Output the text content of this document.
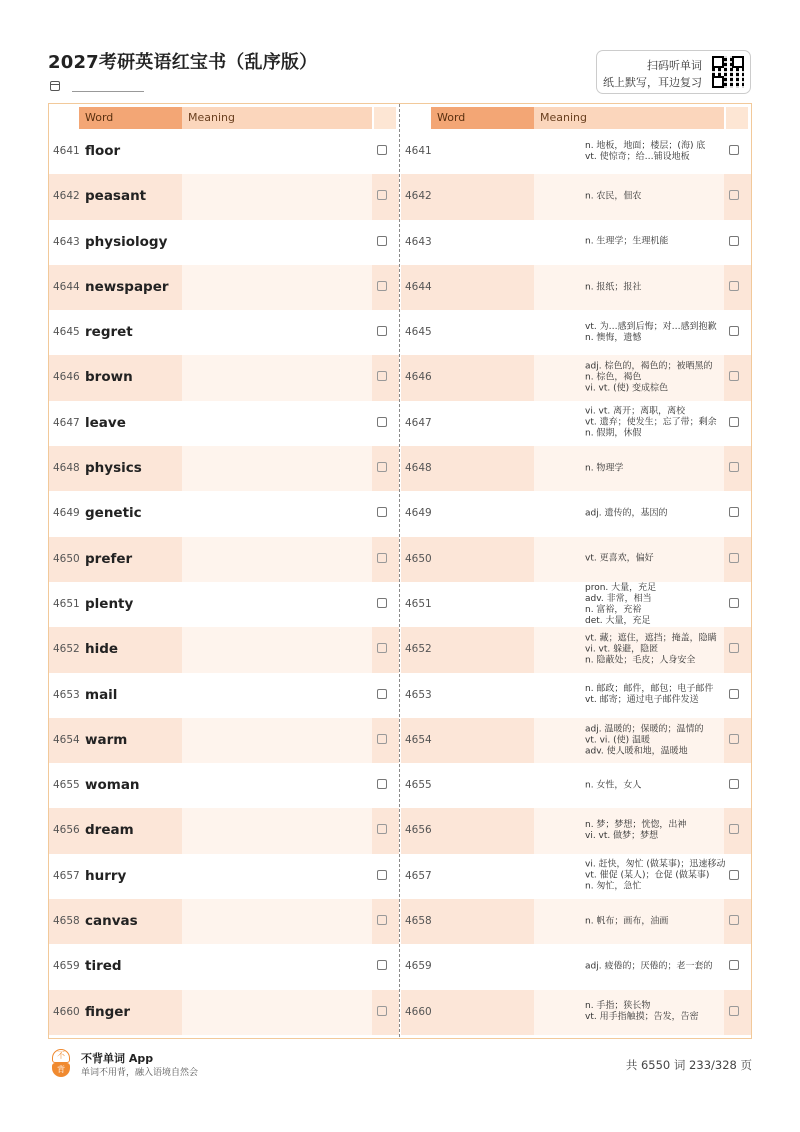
2027考研英语红宝书（乱序版）	扫码听单词
纸上默写，耳边复习
Word	Meaning
4641 floor
4642 peasant
4643 physiology
4644 newspaper
4645 regret
4646 brown
4647 leave
4648 physics
4649 genetic
4650 prefer
4651 plenty
4652 hide
4653 mail
4654 warm
4655 woman
4656 dream
4657 hurry
4658 canvas
4659 tired
4660 finger
Word	Meaning
4641	n. 地板，地面；楼层；(海) 底
vt. 使惊奇；给…铺设地板
4642	n. 农民，佃农
4643	n. 生理学；生理机能
4644	n. 报纸；报社
4645	vt. 为…感到后悔；对…感到抱歉
n. 懊悔，遗憾
4646
adj. 棕色的，褐色的；被晒黑的
n. 棕色，褐色
vi. vt. (使) 变成棕色
4647
vi. vt. 离开；离职，离校
vt. 遗弃；使发生；忘了带；剩余
n. 假期，休假
4648	n. 物理学
4649	adj. 遗传的，基因的
4650	vt. 更喜欢，偏好
4651
pron. 大量，充足
adv. 非常，相当
n. 富裕，充裕
det. 大量，充足
4652
vt. 藏；遮住，遮挡；掩盖，隐瞒
vi. vt. 躲避，隐匿
n. 隐蔽处；毛皮；人身安全
4653	n. 邮政；邮件，邮包；电子邮件
vt. 邮寄；通过电子邮件发送
4654
adj. 温暖的；保暖的；温情的
vt. vi. (使) 温暖
adv. 使人暖和地，温暖地
4655	n. 女性，女人
4656	n. 梦；梦想；恍惚，出神
vi. vt. 做梦；梦想
4657
vi. 赶快，匆忙 (做某事)；迅速移动
vt. 催促 (某人)；仓促 (做某事)
n. 匆忙，急忙
4658	n. 帆布；画布，油画
4659	adj. 疲倦的；厌倦的；老一套的
4660	n. 手指；狭长物
vt. 用手指触摸；告发，告密
不
背
不背单词 App
单词不用背，融入语境自然会
共 6550 词 233/328 页
